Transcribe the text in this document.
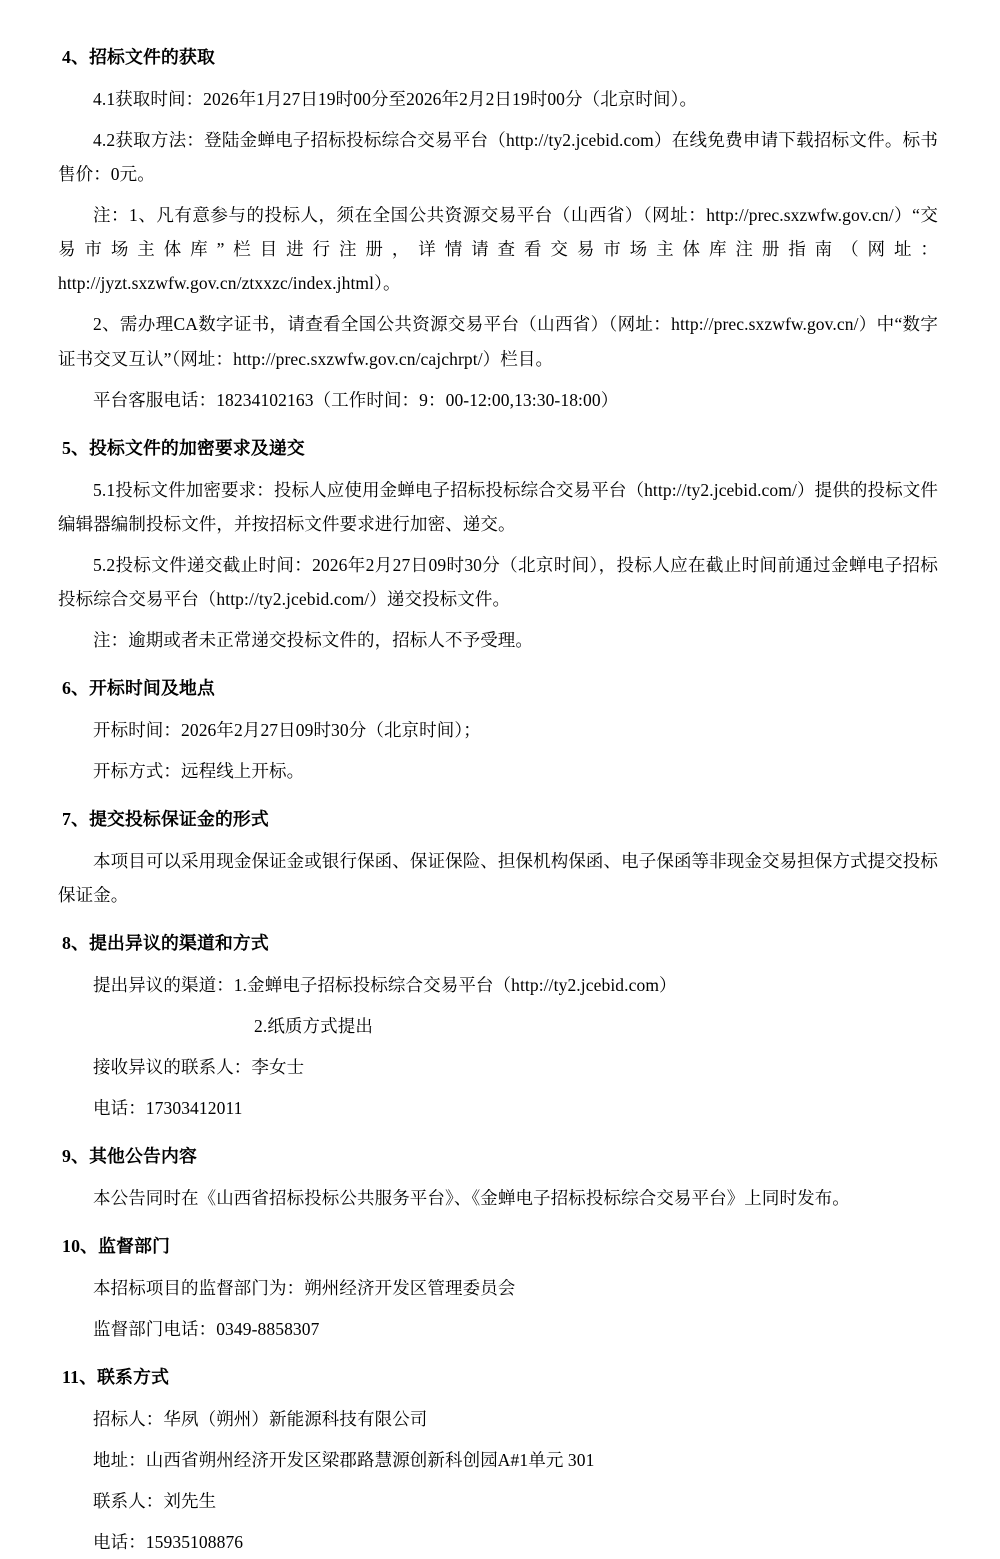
4、招标文件的获取

4.1获取时间：2026年1月27日19时00分至2026年2月2日19时00分（北京时间）。

4.2获取方法：登陆金蝉电子招标投标综合交易平台（http://ty2.jcebid.com）在线免费申请下载招标文件。标书售价：0元。

注：1、凡有意参与的投标人，须在全国公共资源交易平台（山西省）（网址：http://prec.sxzwfw.gov.cn/）“交易市场主体库”栏目进行注册，详情请查看交易市场主体库注册指南（网址：http://jyzt.sxzwfw.gov.cn/ztxxzc/index.jhtml）。

2、需办理CA数字证书，请查看全国公共资源交易平台（山西省）（网址：http://prec.sxzwfw.gov.cn/）中“数字证书交叉互认”（网址：http://prec.sxzwfw.gov.cn/cajchrpt/）栏目。

平台客服电话：18234102163（工作时间：9：00-12:00,13:30-18:00）

5、投标文件的加密要求及递交

5.1投标文件加密要求：投标人应使用金蝉电子招标投标综合交易平台（http://ty2.jcebid.com/）提供的投标文件编辑器编制投标文件，并按招标文件要求进行加密、递交。

5.2投标文件递交截止时间：2026年2月27日09时30分（北京时间），投标人应在截止时间前通过金蝉电子招标投标综合交易平台（http://ty2.jcebid.com/）递交投标文件。

注：逾期或者未正常递交投标文件的，招标人不予受理。

6、开标时间及地点

开标时间：2026年2月27日09时30分（北京时间）；

开标方式：远程线上开标。

7、提交投标保证金的形式

本项目可以采用现金保证金或银行保函、保证保险、担保机构保函、电子保函等非现金交易担保方式提交投标保证金。

8、提出异议的渠道和方式

提出异议的渠道：1.金蝉电子招标投标综合交易平台（http://ty2.jcebid.com）

2.纸质方式提出

接收异议的联系人：李女士

电话：17303412011

9、其他公告内容

本公告同时在《山西省招标投标公共服务平台》、《金蝉电子招标投标综合交易平台》上同时发布。

10、监督部门

本招标项目的监督部门为：朔州经济开发区管理委员会

监督部门电话：0349-8858307

11、联系方式

招标人：华夙（朔州）新能源科技有限公司

地址：山西省朔州经济开发区梁郡路慧源创新科创园A#1单元 301

联系人：刘先生

电话：15935108876
